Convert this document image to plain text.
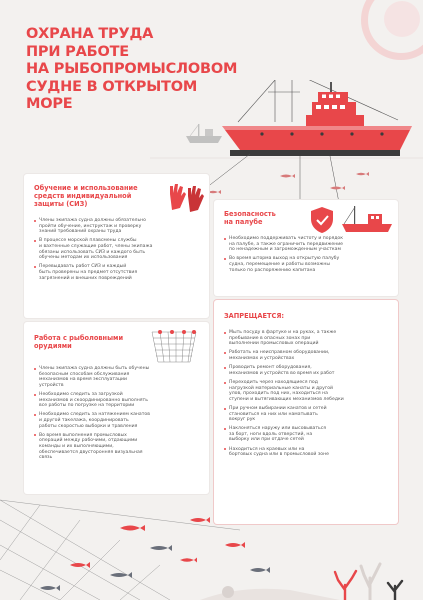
ОХРАНА ТРУДА
ПРИ РАБОТЕ
НА РЫБОПРОМЫСЛОВОМ
СУДНЕ В ОТКРЫТОМ
МОРЕ
Обучение и использование
средств индивидуальной
защиты (СИЗ)
Члены экипажа судна должны обязательно
пройти обучение, инструктаж и проверку
знаний требований охраны труда
В процессе морской плавсмены службы
и вахтенные служащие работ, члены экипажа
обязаны использовать СИЗ и каждого быть
обучены методам их использования
Перевыдавать работ СИЗ и каждый
быть проверены на предмет отсутствия
загрязнений и внешних повреждений
Безопасность
на палубе
Необходимо поддерживать чистоту и порядок
на палубе, а также ограничить передвижение
по ненадежным и загроможденным участкам
Во время шторма выход на открытую палубу
судна, перемещение и работы возможны
только по распоряжению капитана
Работа с рыболовными
орудиями
Члены экипажа судна должны быть обучены
безопасным способам обслуживания
механизмов на время эксплуатации
устройств
Необходимо следить за загрузкой
механизмов и скоординированно выполнять
все работы по погрузке на территории
Необходимо следить за натяжением канатов
и другой такелажа, координировать
работы скоростью выборки и травления
Во время выполнения промысловых
операций между рабочими, отдающими
команды и их выполняющими,
обеспечивается двусторонняя визуальная
связь
ЗАПРЕЩАЕТСЯ:
Мыть посуду в фартуке и на руках, а также
пребывание в опасных зонах при
выполнении промысловых операций
Работать на неисправном оборудовании,
механизмах и устройствах
Проводить ремонт оборудования,
механизмов и устройств во время их работ
Переходить через находящиеся под
нагрузкой материальные канаты и другой
улов, проходить под них, находиться на
ступени и вытягивающих механизмов лебедки
При ручном выбирании канатов и сетей
становиться на них или наматывать
вокруг рук
Наклоняться наружу или высовываться
за борт, ноги вдоль отверстий, на
выборку или при отдаче сетей
Находиться на краевых или на
бортовых судна или в промысловой зоне
